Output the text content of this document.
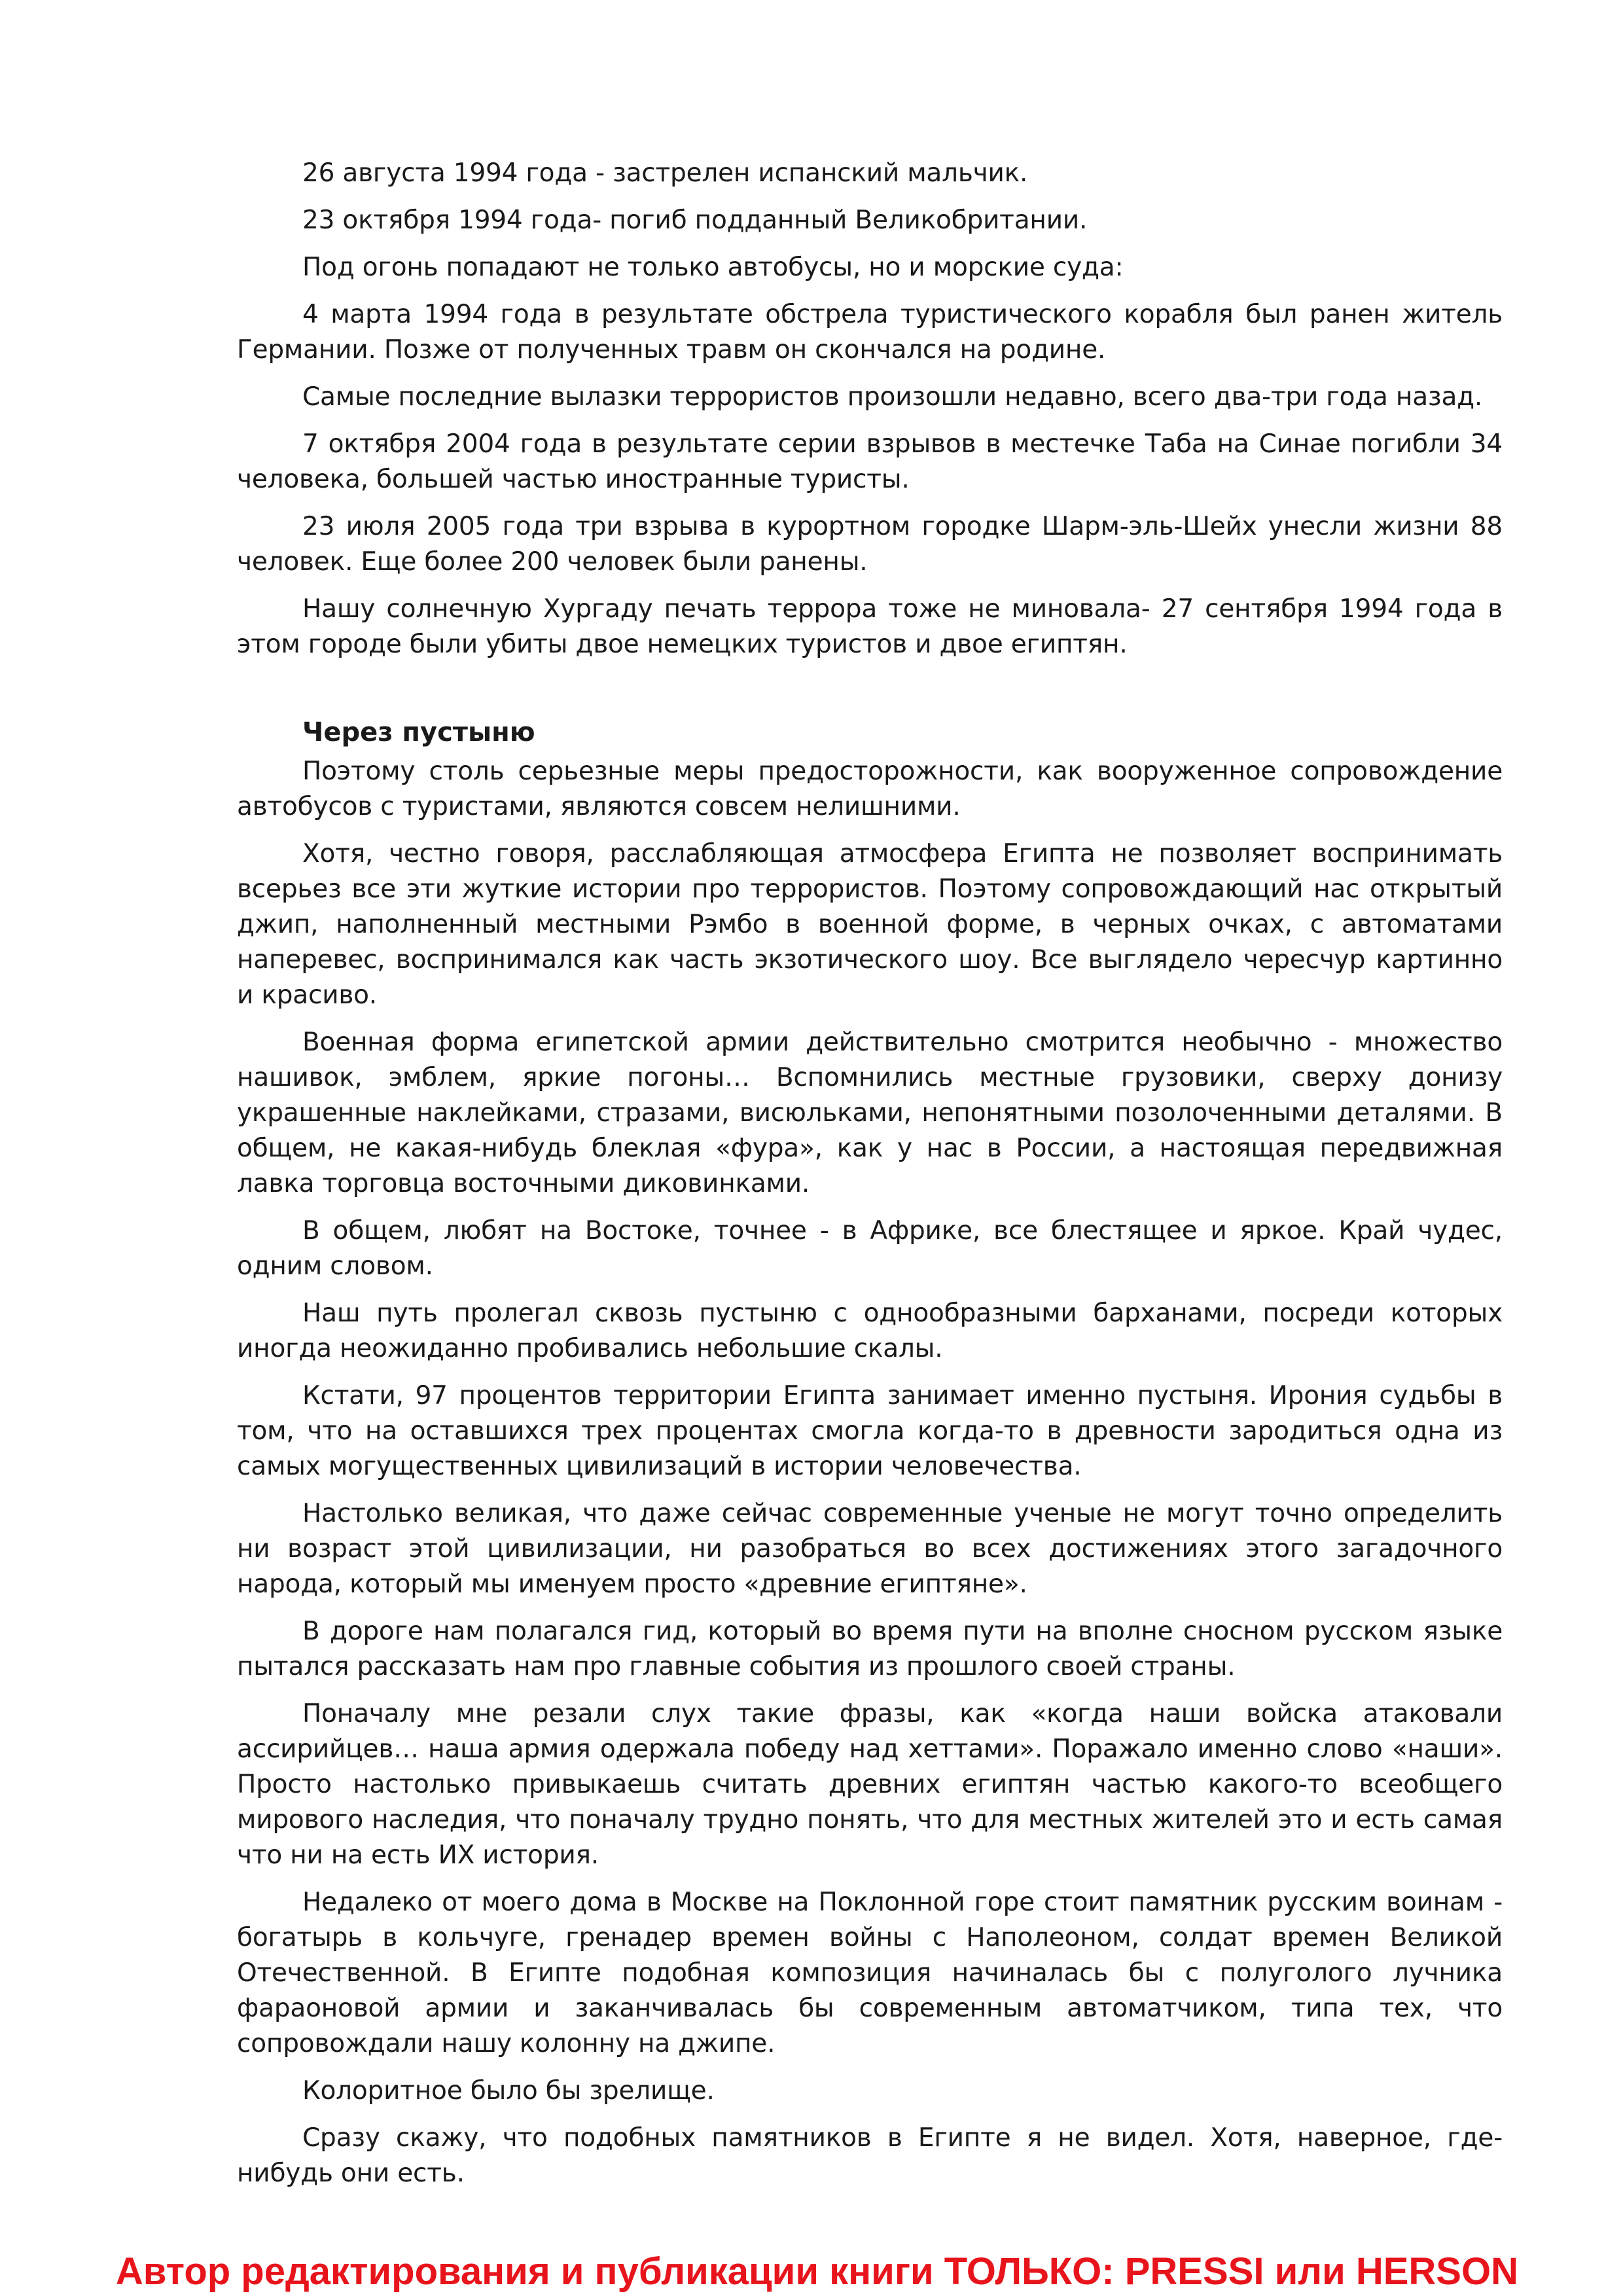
26 августа 1994 года - застрелен испанский мальчик.

23 октября 1994 года- погиб подданный Великобритании.

Под огонь попадают не только автобусы, но и морские суда:

4 марта 1994 года в результате обстрела туристического корабля был ранен житель Германии. Позже от полученных травм он скончался на родине.

Самые последние вылазки террористов произошли недавно, всего два-три года назад.

7 октября 2004 года в результате серии взрывов в местечке Таба на Синае погибли 34 человека, большей частью иностранные туристы.

23 июля 2005 года три взрыва в курортном городке Шарм-эль-Шейх унесли жизни 88 человек. Еще более 200 человек были ранены.

Нашу солнечную Хургаду печать террора тоже не миновала- 27 сентября 1994 года в этом городе были убиты двое немецких туристов и двое египтян.

Через пустыню

Поэтому столь серьезные меры предосторожности, как вооруженное сопровождение автобусов с туристами, являются совсем нелишними.

Хотя, честно говоря, расслабляющая атмосфера Египта не позволяет воспринимать всерьез все эти жуткие истории про террористов. Поэтому сопровождающий нас открытый джип, наполненный местными Рэмбо в военной форме, в черных очках, с автоматами наперевес, воспринимался как часть экзотического шоу. Все выглядело чересчур картинно и красиво.

Военная форма египетской армии действительно смотрится необычно - множество нашивок, эмблем, яркие погоны… Вспомнились местные грузовики, сверху донизу украшенные наклейками, стразами, висюльками, непонятными позолоченными деталями. В общем, не какая-нибудь блеклая «фура», как у нас в России, а настоящая передвижная лавка торговца восточными диковинками.

В общем, любят на Востоке, точнее - в Африке, все блестящее и яркое. Край чудес, одним словом.

Наш путь пролегал сквозь пустыню с однообразными барханами, посреди которых иногда неожиданно пробивались небольшие скалы.

Кстати, 97 процентов территории Египта занимает именно пустыня. Ирония судьбы в том, что на оставшихся трех процентах смогла когда-то в древности зародиться одна из самых могущественных цивилизаций в истории человечества.

Настолько великая, что даже сейчас современные ученые не могут точно определить ни возраст этой цивилизации, ни разобраться во всех достижениях этого загадочного народа, который мы именуем просто «древние египтяне».

В дороге нам полагался гид, который во время пути на вполне сносном русском языке пытался рассказать нам про главные события из прошлого своей страны.

Поначалу мне резали слух такие фразы, как «когда наши войска атаковали ассирийцев… наша армия одержала победу над хеттами». Поражало именно слово «наши». Просто настолько привыкаешь считать древних египтян частью какого-то всеобщего мирового наследия, что поначалу трудно понять, что для местных жителей это и есть самая что ни на есть ИХ история.

Недалеко от моего дома в Москве на Поклонной горе стоит памятник русским воинам - богатырь в кольчуге, гренадер времен войны с Наполеоном, солдат времен Великой Отечественной. В Египте подобная композиция начиналась бы с полуголого лучника фараоновой армии и заканчивалась бы современным автоматчиком, типа тех, что сопровождали нашу колонну на джипе.

Колоритное было бы зрелище.

Сразу скажу, что подобных памятников в Египте я не видел. Хотя, наверное, где-нибудь они есть.

Автор редактирования и публикации книги ТОЛЬКО: PRESSI или HERSON
